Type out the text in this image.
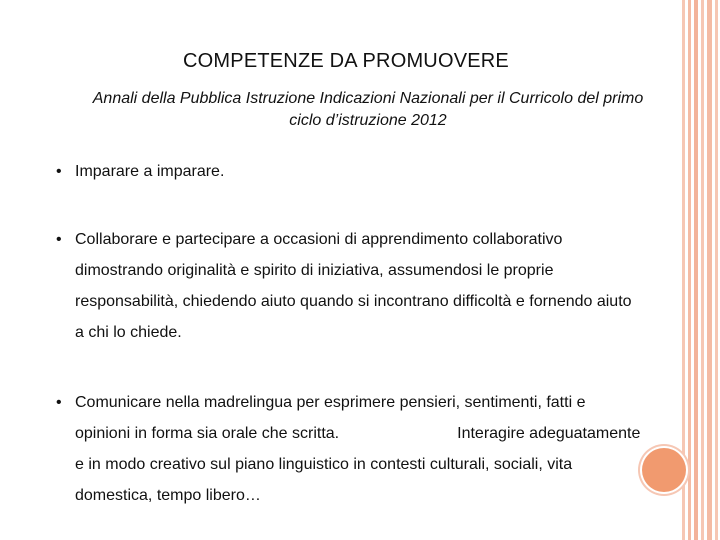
COMPETENZE DA PROMUOVERE
Annali della Pubblica Istruzione Indicazioni Nazionali per il Curricolo del primo ciclo d’istruzione 2012
• Imparare a imparare.
• Collaborare e partecipare a occasioni di apprendimento collaborativo dimostrando originalità e spirito di iniziativa, assumendosi le proprie responsabilità, chiedendo aiuto quando si incontrano difficoltà e fornendo aiuto a chi lo chiede.
• Comunicare nella madrelingua per esprimere pensieri, sentimenti, fatti e opinioni in forma sia orale che scritta.	Interagire adeguatamente e in modo creativo sul piano linguistico in contesti culturali, sociali, vita domestica, tempo libero…
